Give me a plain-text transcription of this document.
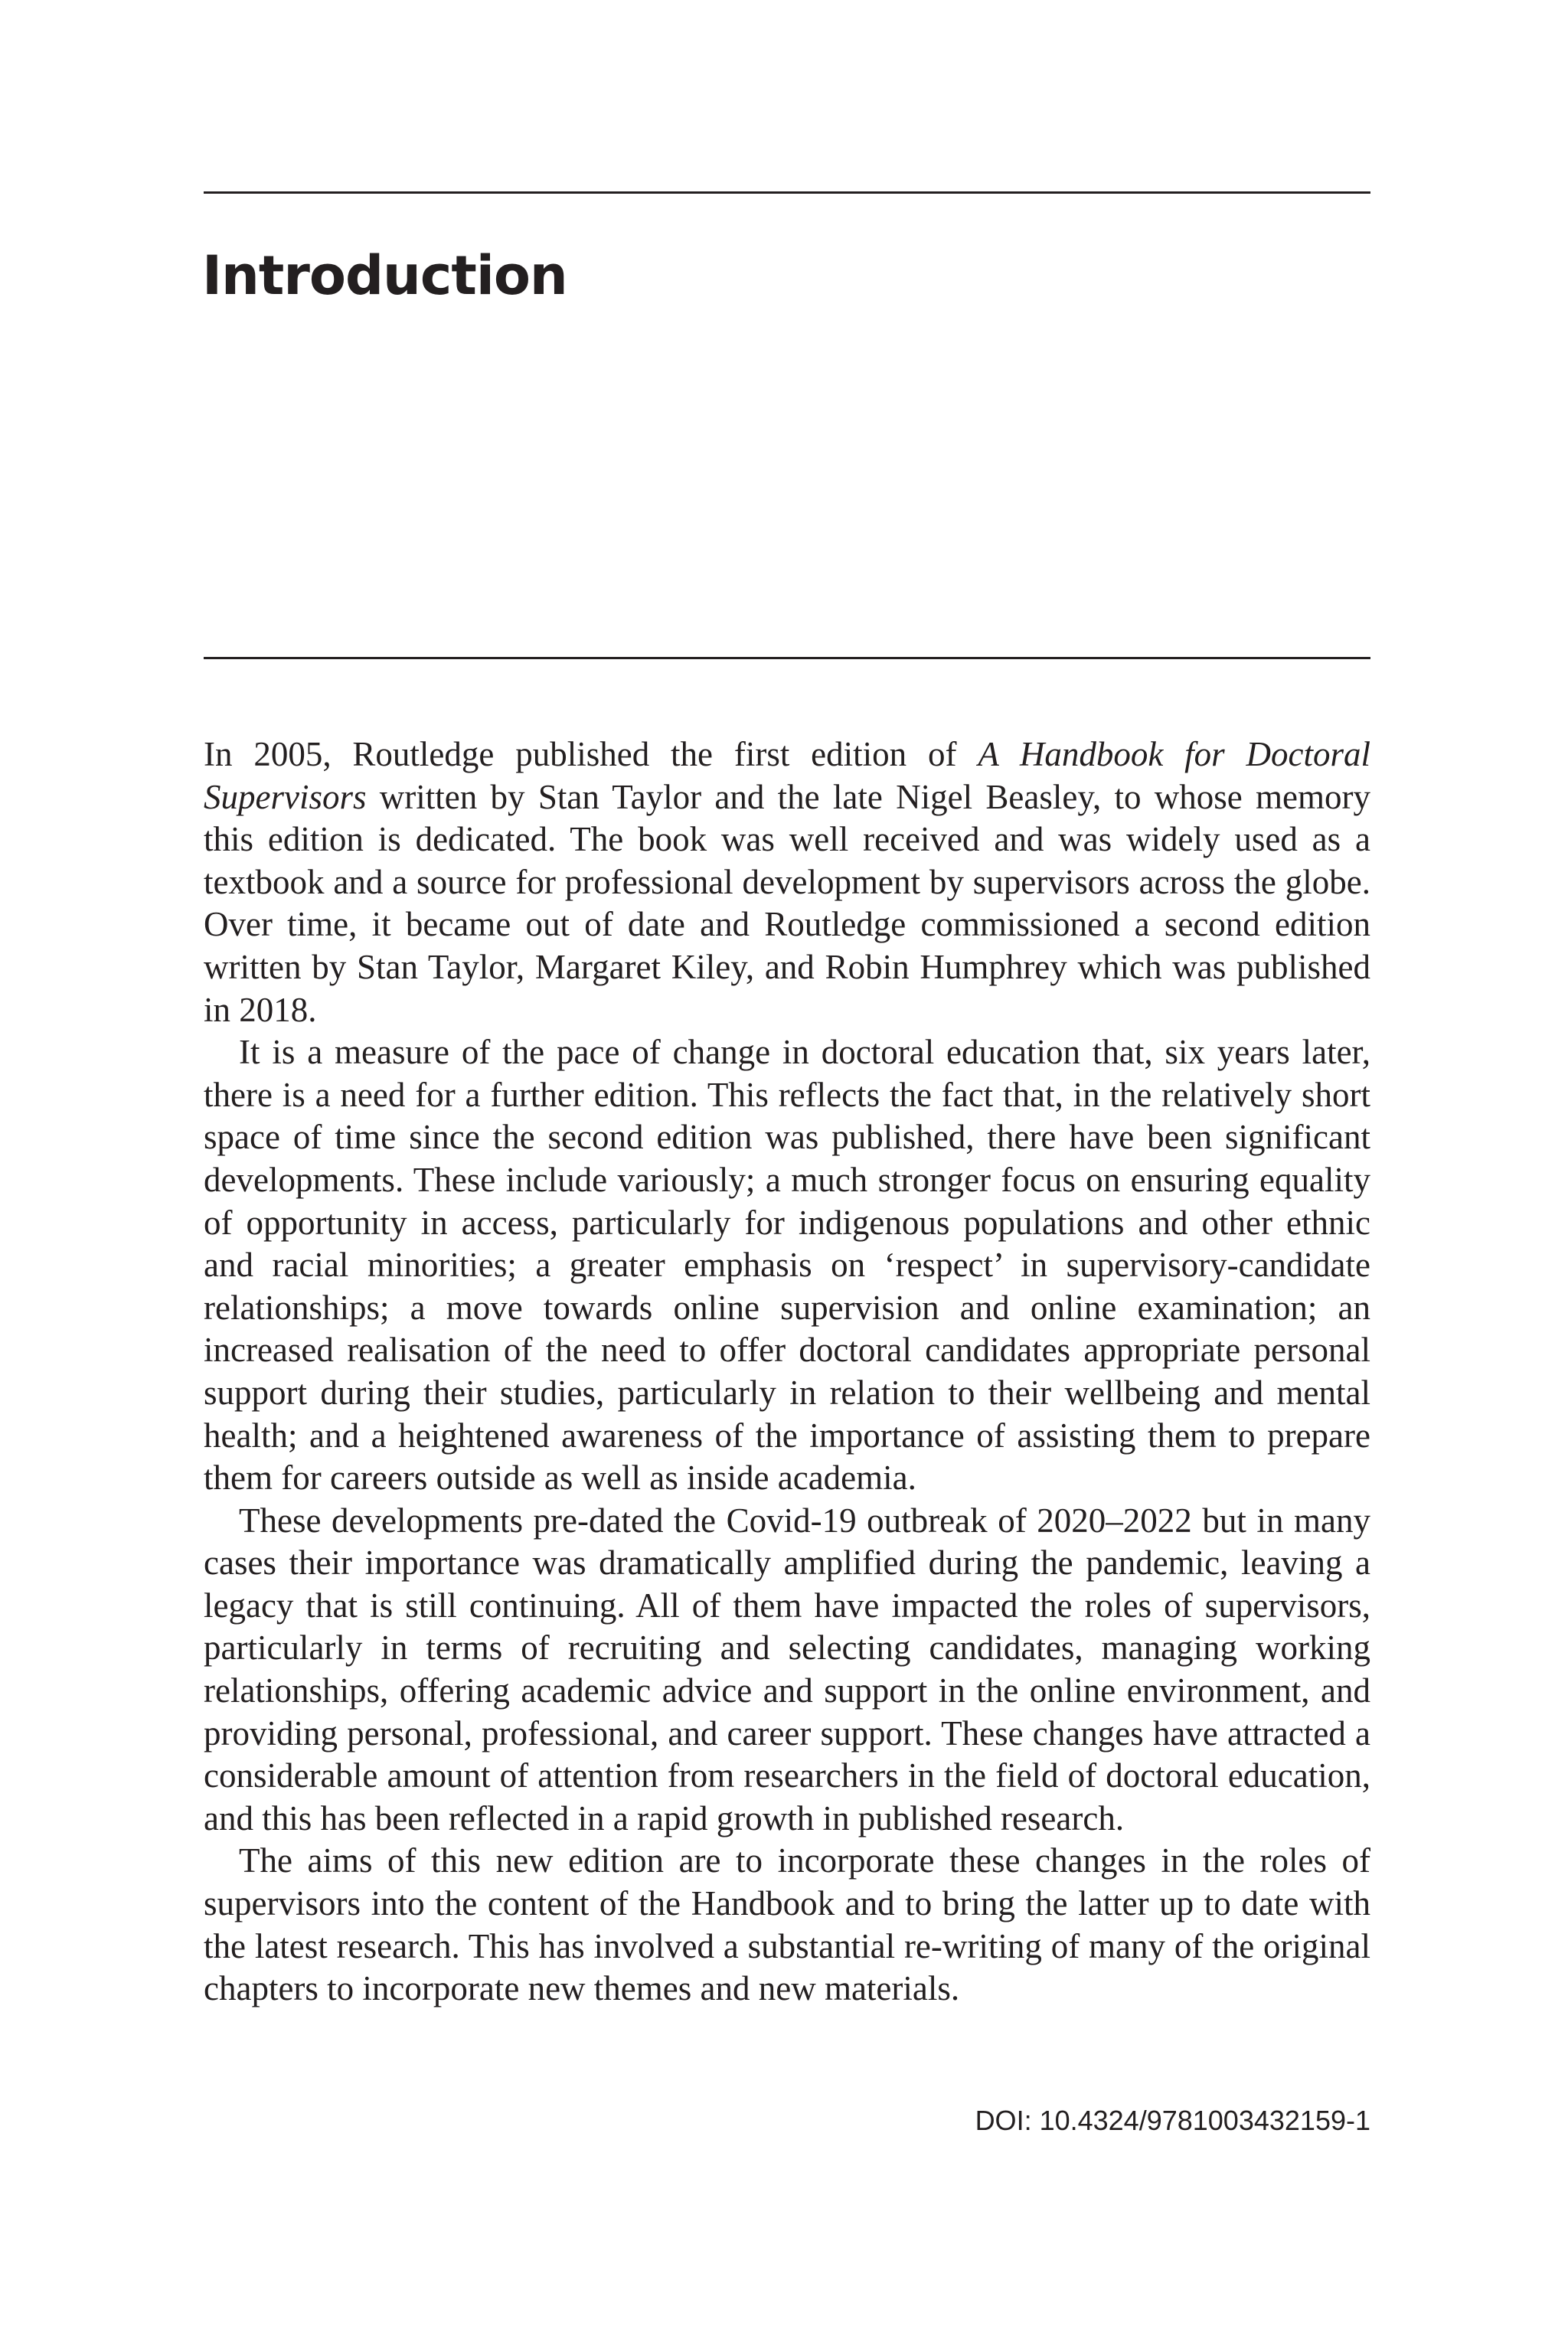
Introduction

In 2005, Routledge published the first edition of A Handbook for Doctoral Supervisors written by Stan Taylor and the late Nigel Beasley, to whose memory this edition is dedicated. The book was well received and was widely used as a textbook and a source for professional development by supervisors across the globe. Over time, it became out of date and Routledge commissioned a second edition written by Stan Taylor, Margaret Kiley, and Robin Humphrey which was published in 2018.

It is a measure of the pace of change in doctoral education that, six years later, there is a need for a further edition. This reflects the fact that, in the relatively short space of time since the second edition was published, there have been significant developments. These include variously; a much stronger focus on ensuring equality of opportunity in access, particularly for indigenous populations and other ethnic and racial minorities; a greater emphasis on ‘respect’ in supervisory-candidate relationships; a move towards online supervision and online examination; an increased realisation of the need to offer doctoral candidates appropriate personal support during their studies, particularly in relation to their wellbeing and mental health; and a heightened awareness of the importance of assisting them to prepare them for careers outside as well as inside academia.

These developments pre-dated the Covid-19 outbreak of 2020–2022 but in many cases their importance was dramatically amplified during the pandemic, leaving a legacy that is still continuing. All of them have impacted the roles of supervisors, particularly in terms of recruiting and selecting candidates, managing working relationships, offering academic advice and support in the online environment, and providing personal, professional, and career support. These changes have attracted a considerable amount of attention from researchers in the field of doctoral education, and this has been reflected in a rapid growth in published research.

The aims of this new edition are to incorporate these changes in the roles of supervisors into the content of the Handbook and to bring the latter up to date with the latest research. This has involved a substantial re-writing of many of the original chapters to incorporate new themes and new materials.

DOI: 10.4324/9781003432159-1
